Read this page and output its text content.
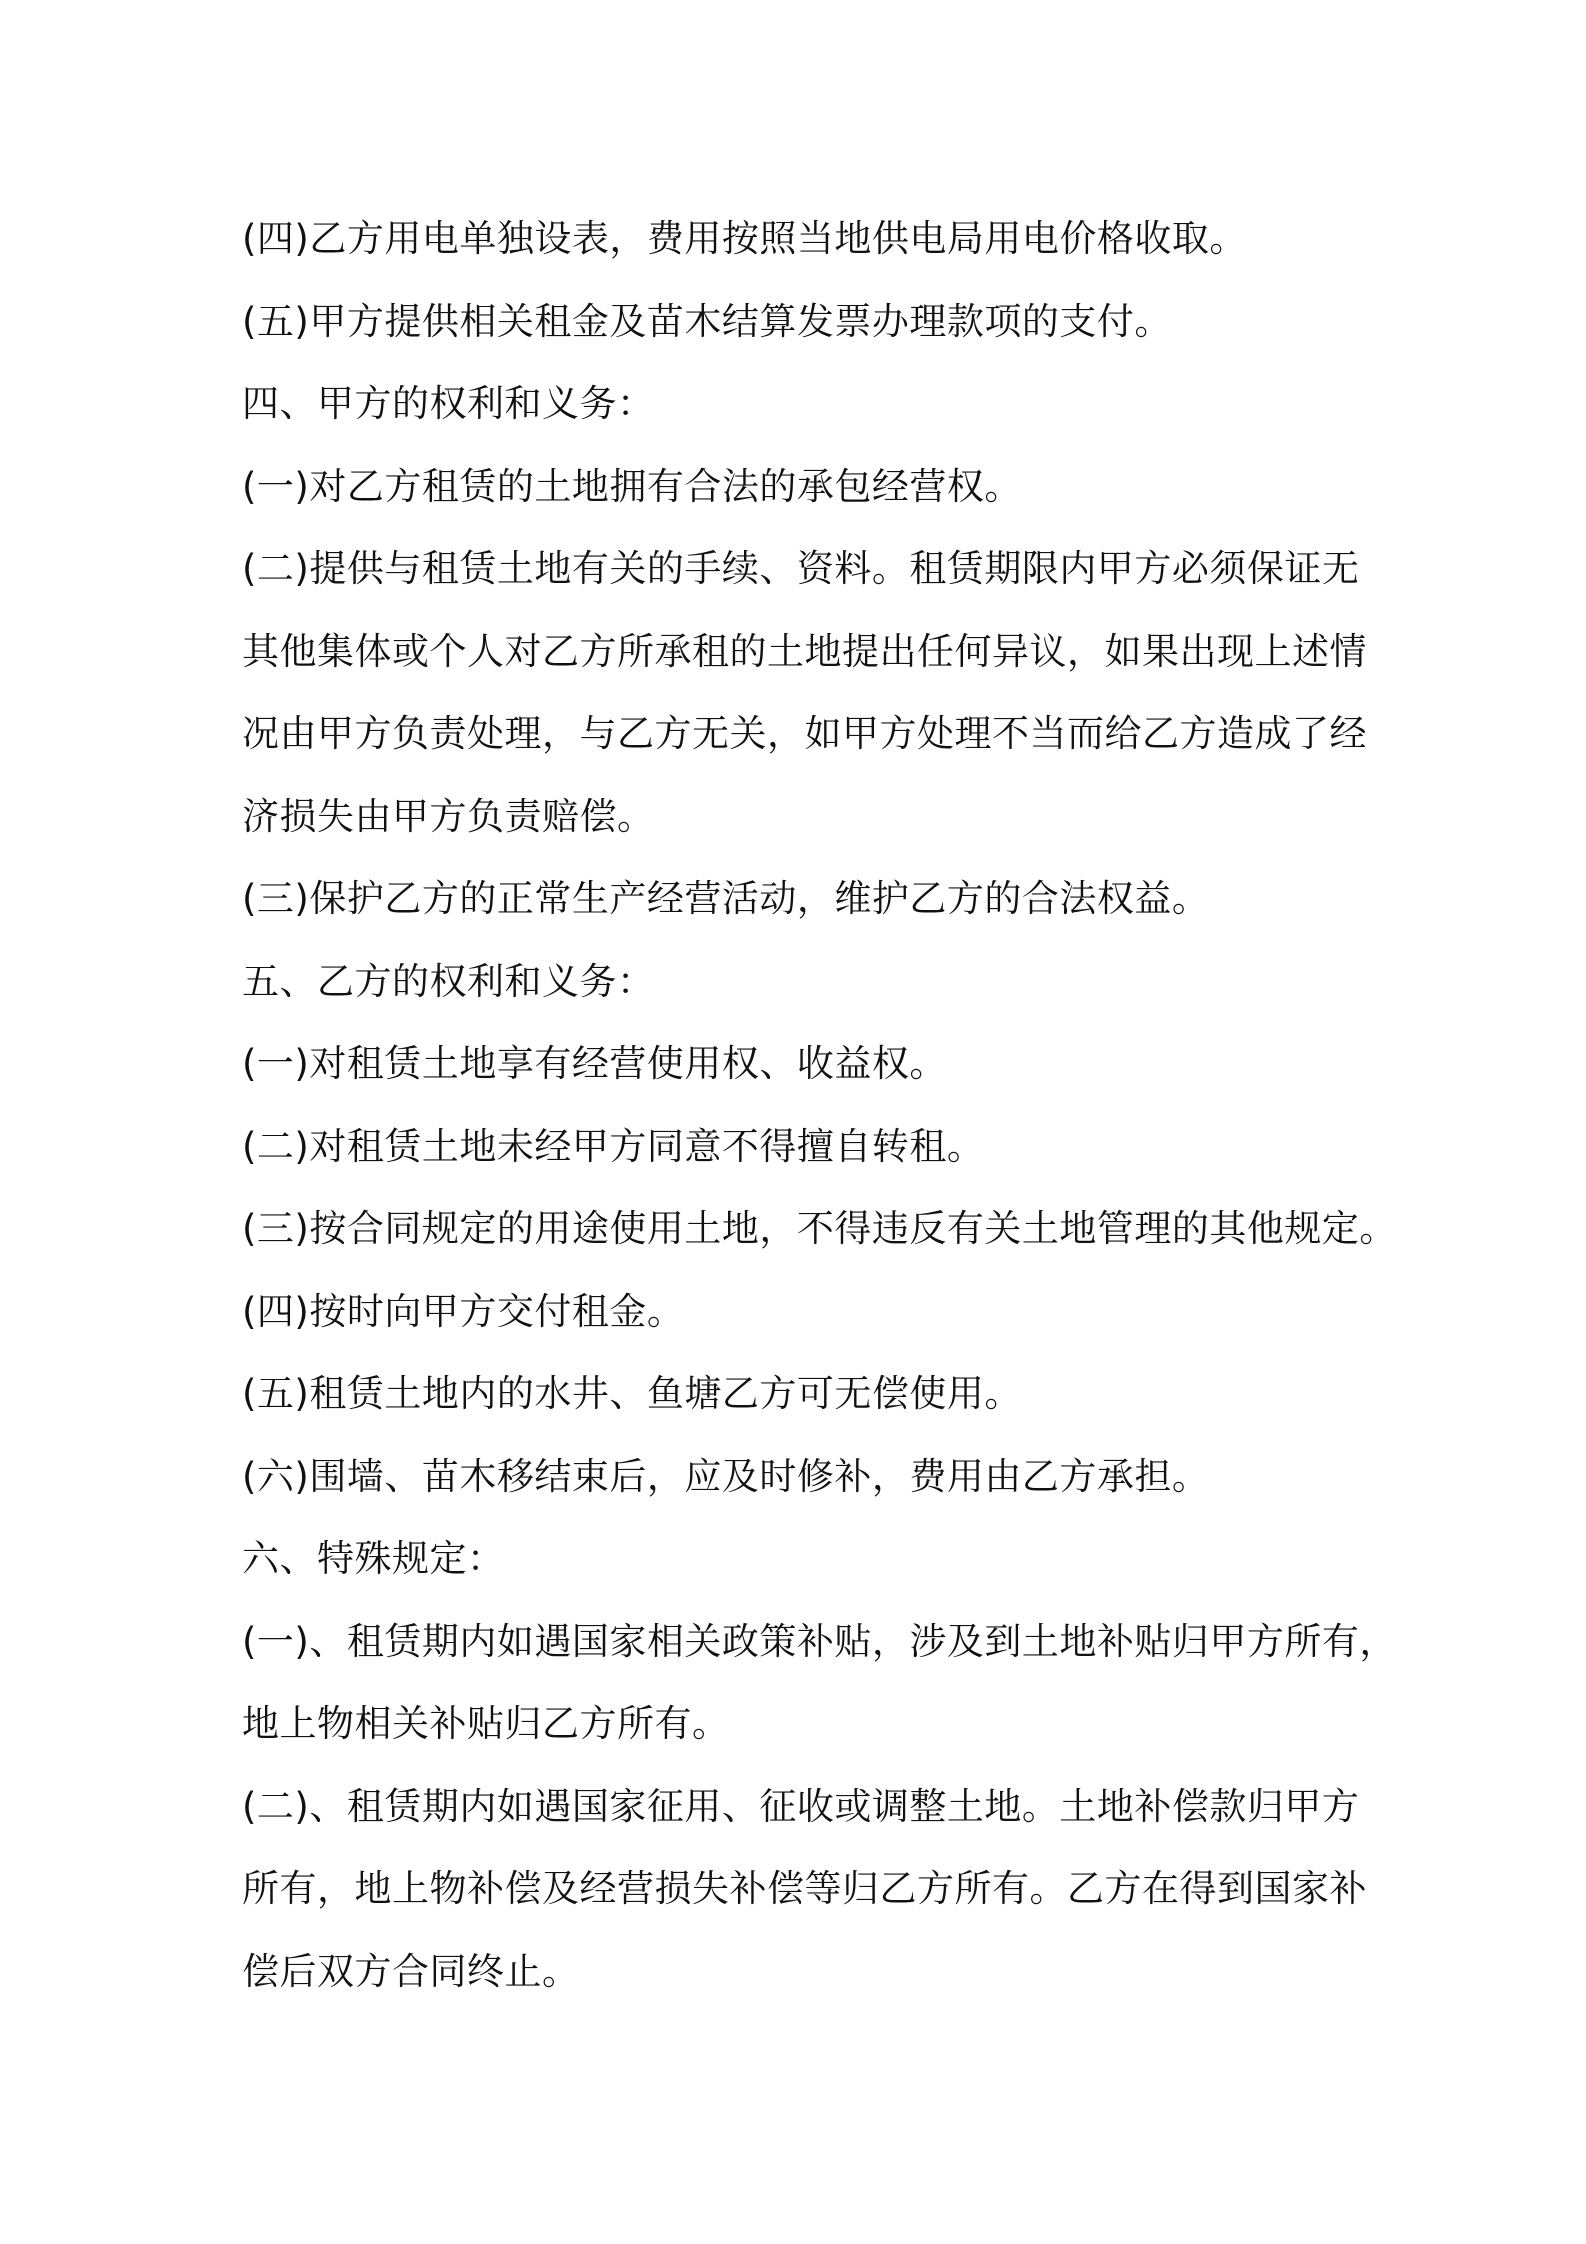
(四)乙方用电单独设表，费用按照当地供电局用电价格收取。
(五)甲方提供相关租金及苗木结算发票办理款项的支付。
四、甲方的权利和义务：
(一)对乙方租赁的土地拥有合法的承包经营权。
(二)提供与租赁土地有关的手续、资料。租赁期限内甲方必须保证无
其他集体或个人对乙方所承租的土地提出任何异议，如果出现上述情
况由甲方负责处理，与乙方无关，如甲方处理不当而给乙方造成了经
济损失由甲方负责赔偿。
(三)保护乙方的正常生产经营活动，维护乙方的合法权益。
五、乙方的权利和义务：
(一)对租赁土地享有经营使用权、收益权。
(二)对租赁土地未经甲方同意不得擅自转租。
(三)按合同规定的用途使用土地，不得违反有关土地管理的其他规定。
(四)按时向甲方交付租金。
(五)租赁土地内的水井、鱼塘乙方可无偿使用。
(六)围墙、苗木移结束后，应及时修补，费用由乙方承担。
六、特殊规定：
(一)、租赁期内如遇国家相关政策补贴，涉及到土地补贴归甲方所有，
地上物相关补贴归乙方所有。
(二)、租赁期内如遇国家征用、征收或调整土地。土地补偿款归甲方
所有，地上物补偿及经营损失补偿等归乙方所有。乙方在得到国家补
偿后双方合同终止。
